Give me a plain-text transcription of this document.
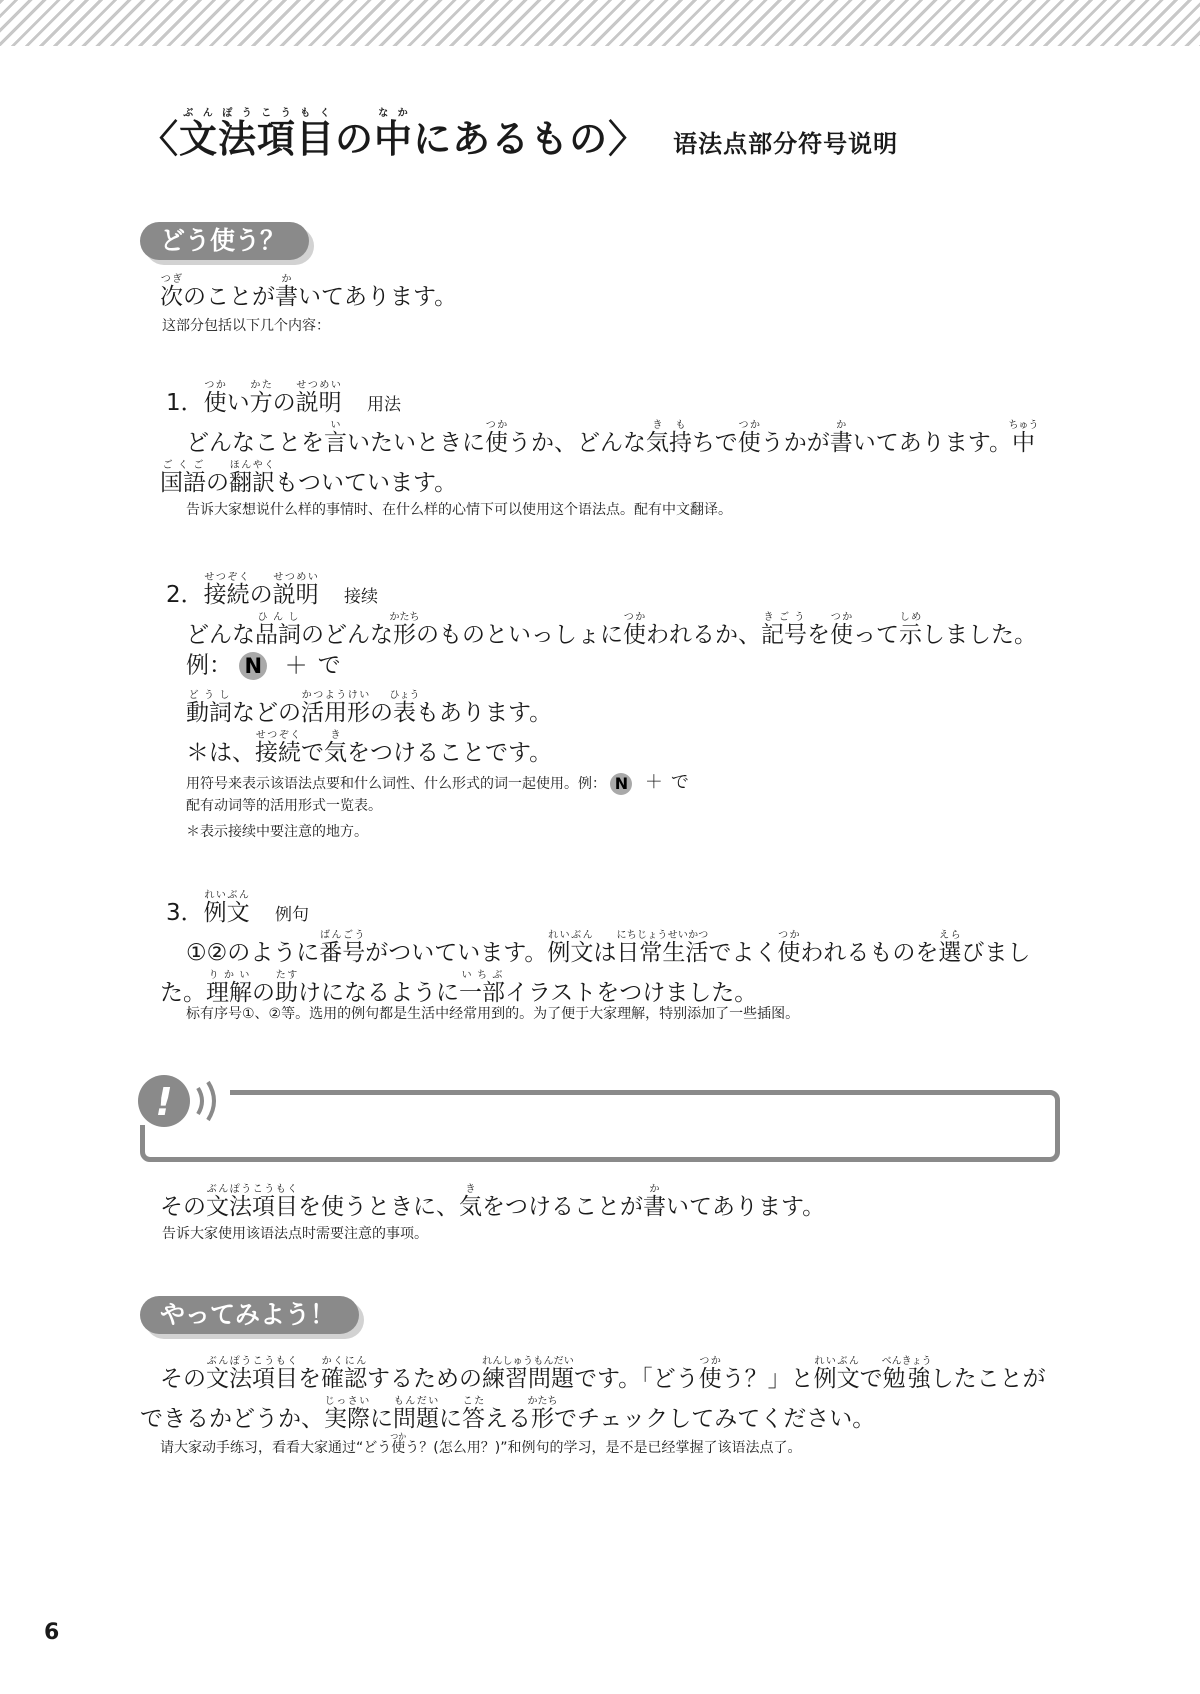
〈文法項目ぶんぽうこうもくの中なかにあるもの〉 语法点部分符号说明
どう使う？
次つぎのことが書かいてあります。
这部分包括以下几个内容：
1．使つかい方かたの説明せつめい 用法
どんなことを言いいたいときに使つかうか、どんな気持きもちで使つかうかが書かいてあります。中ちゅう
国語ごくごの翻訳ほんやくもついています。
告诉大家想说什么样的事情时、在什么样的心情下可以使用这个语法点。配有中文翻译。
2．接続せつぞくの説明せつめい 接续
どんな品詞ひんしのどんな形かたちのものといっしょに使つかわれるか、記号きごうを使つかって示しめしました。
例： N ＋ で
動詞どうしなどの活用形かつようけいの表ひょうもあります。
＊は、接続せつぞくで気きをつけることです。
用符号来表示该语法点要和什么词性、什么形式的词一起使用。例： N ＋ で
配有动词等的活用形式一览表。
＊表示接续中要注意的地方。
3．例文れいぶん 例句
①②のように番号ばんごうがついています。例文れいぶんは日常生活にちじょうせいかつでよく使つかわれるものを選えらびまし
た。理解りかいの助たすけになるように一部いちぶイラストをつけました。
标有序号①、②等。选用的例句都是生活中经常用到的。为了便于大家理解，特别添加了一些插图。
!
その文法項目ぶんぽうこうもくを使うときに、気きをつけることが書かいてあります。
告诉大家使用该语法点时需要注意的事项。
やってみよう！
その文法項目ぶんぽうこうもくを確認かくにんするための練習問題れんしゅうもんだいです。「どう使つかう？」と例文れいぶんで勉強べんきょうしたことが
できるかどうか、実際じっさいに問題もんだいに答こたえる形かたちでチェックしてみてください。
请大家动手练习，看看大家通过“どう使つかう？(怎么用？)”和例句的学习，是不是已经掌握了该语法点了。
6
